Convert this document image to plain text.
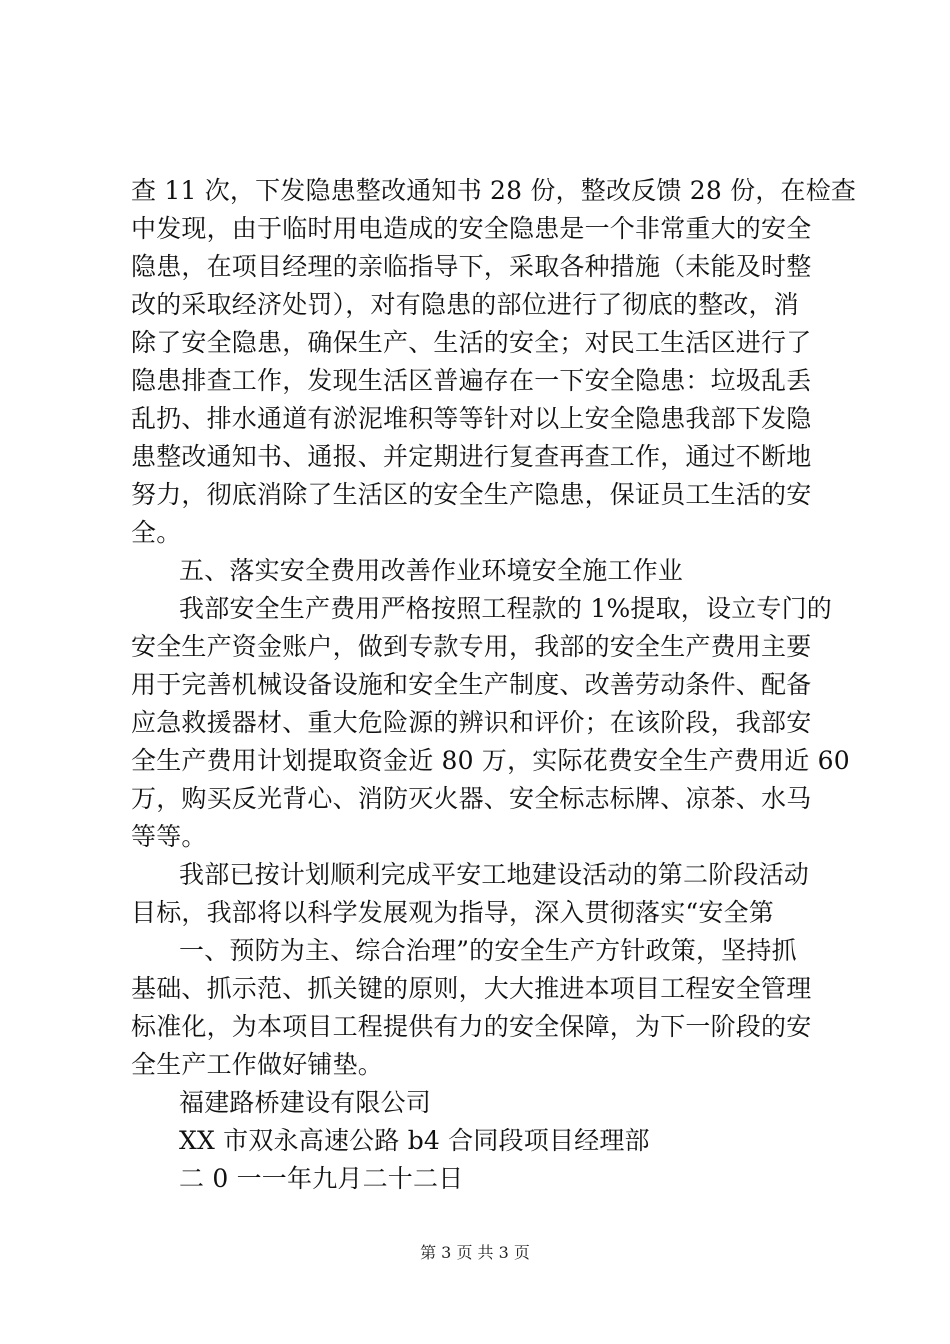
查 11 次，下发隐患整改通知书 28 份，整改反馈 28 份，在检查
中发现，由于临时用电造成的安全隐患是一个非常重大的安全
隐患，在项目经理的亲临指导下，采取各种措施（未能及时整
改的采取经济处罚），对有隐患的部位进行了彻底的整改，消
除了安全隐患，确保生产、生活的安全；对民工生活区进行了
隐患排查工作，发现生活区普遍存在一下安全隐患：垃圾乱丢
乱扔、排水通道有淤泥堆积等等针对以上安全隐患我部下发隐
患整改通知书、通报、并定期进行复查再查工作，通过不断地
努力，彻底消除了生活区的安全生产隐患，保证员工生活的安
全。
五、落实安全费用改善作业环境安全施工作业
我部安全生产费用严格按照工程款的 1%提取，设立专门的
安全生产资金账户，做到专款专用，我部的安全生产费用主要
用于完善机械设备设施和安全生产制度、改善劳动条件、配备
应急救援器材、重大危险源的辨识和评价；在该阶段，我部安
全生产费用计划提取资金近 80 万，实际花费安全生产费用近 60
万，购买反光背心、消防灭火器、安全标志标牌、凉茶、水马
等等。
我部已按计划顺利完成平安工地建设活动的第二阶段活动
目标，我部将以科学发展观为指导，深入贯彻落实“安全第
一、预防为主、综合治理”的安全生产方针政策，坚持抓
基础、抓示范、抓关键的原则，大大推进本项目工程安全管理
标准化，为本项目工程提供有力的安全保障，为下一阶段的安
全生产工作做好铺垫。
福建路桥建设有限公司
XX 市双永高速公路 b4 合同段项目经理部
二 0 一一年九月二十二日
第 3 页 共 3 页
